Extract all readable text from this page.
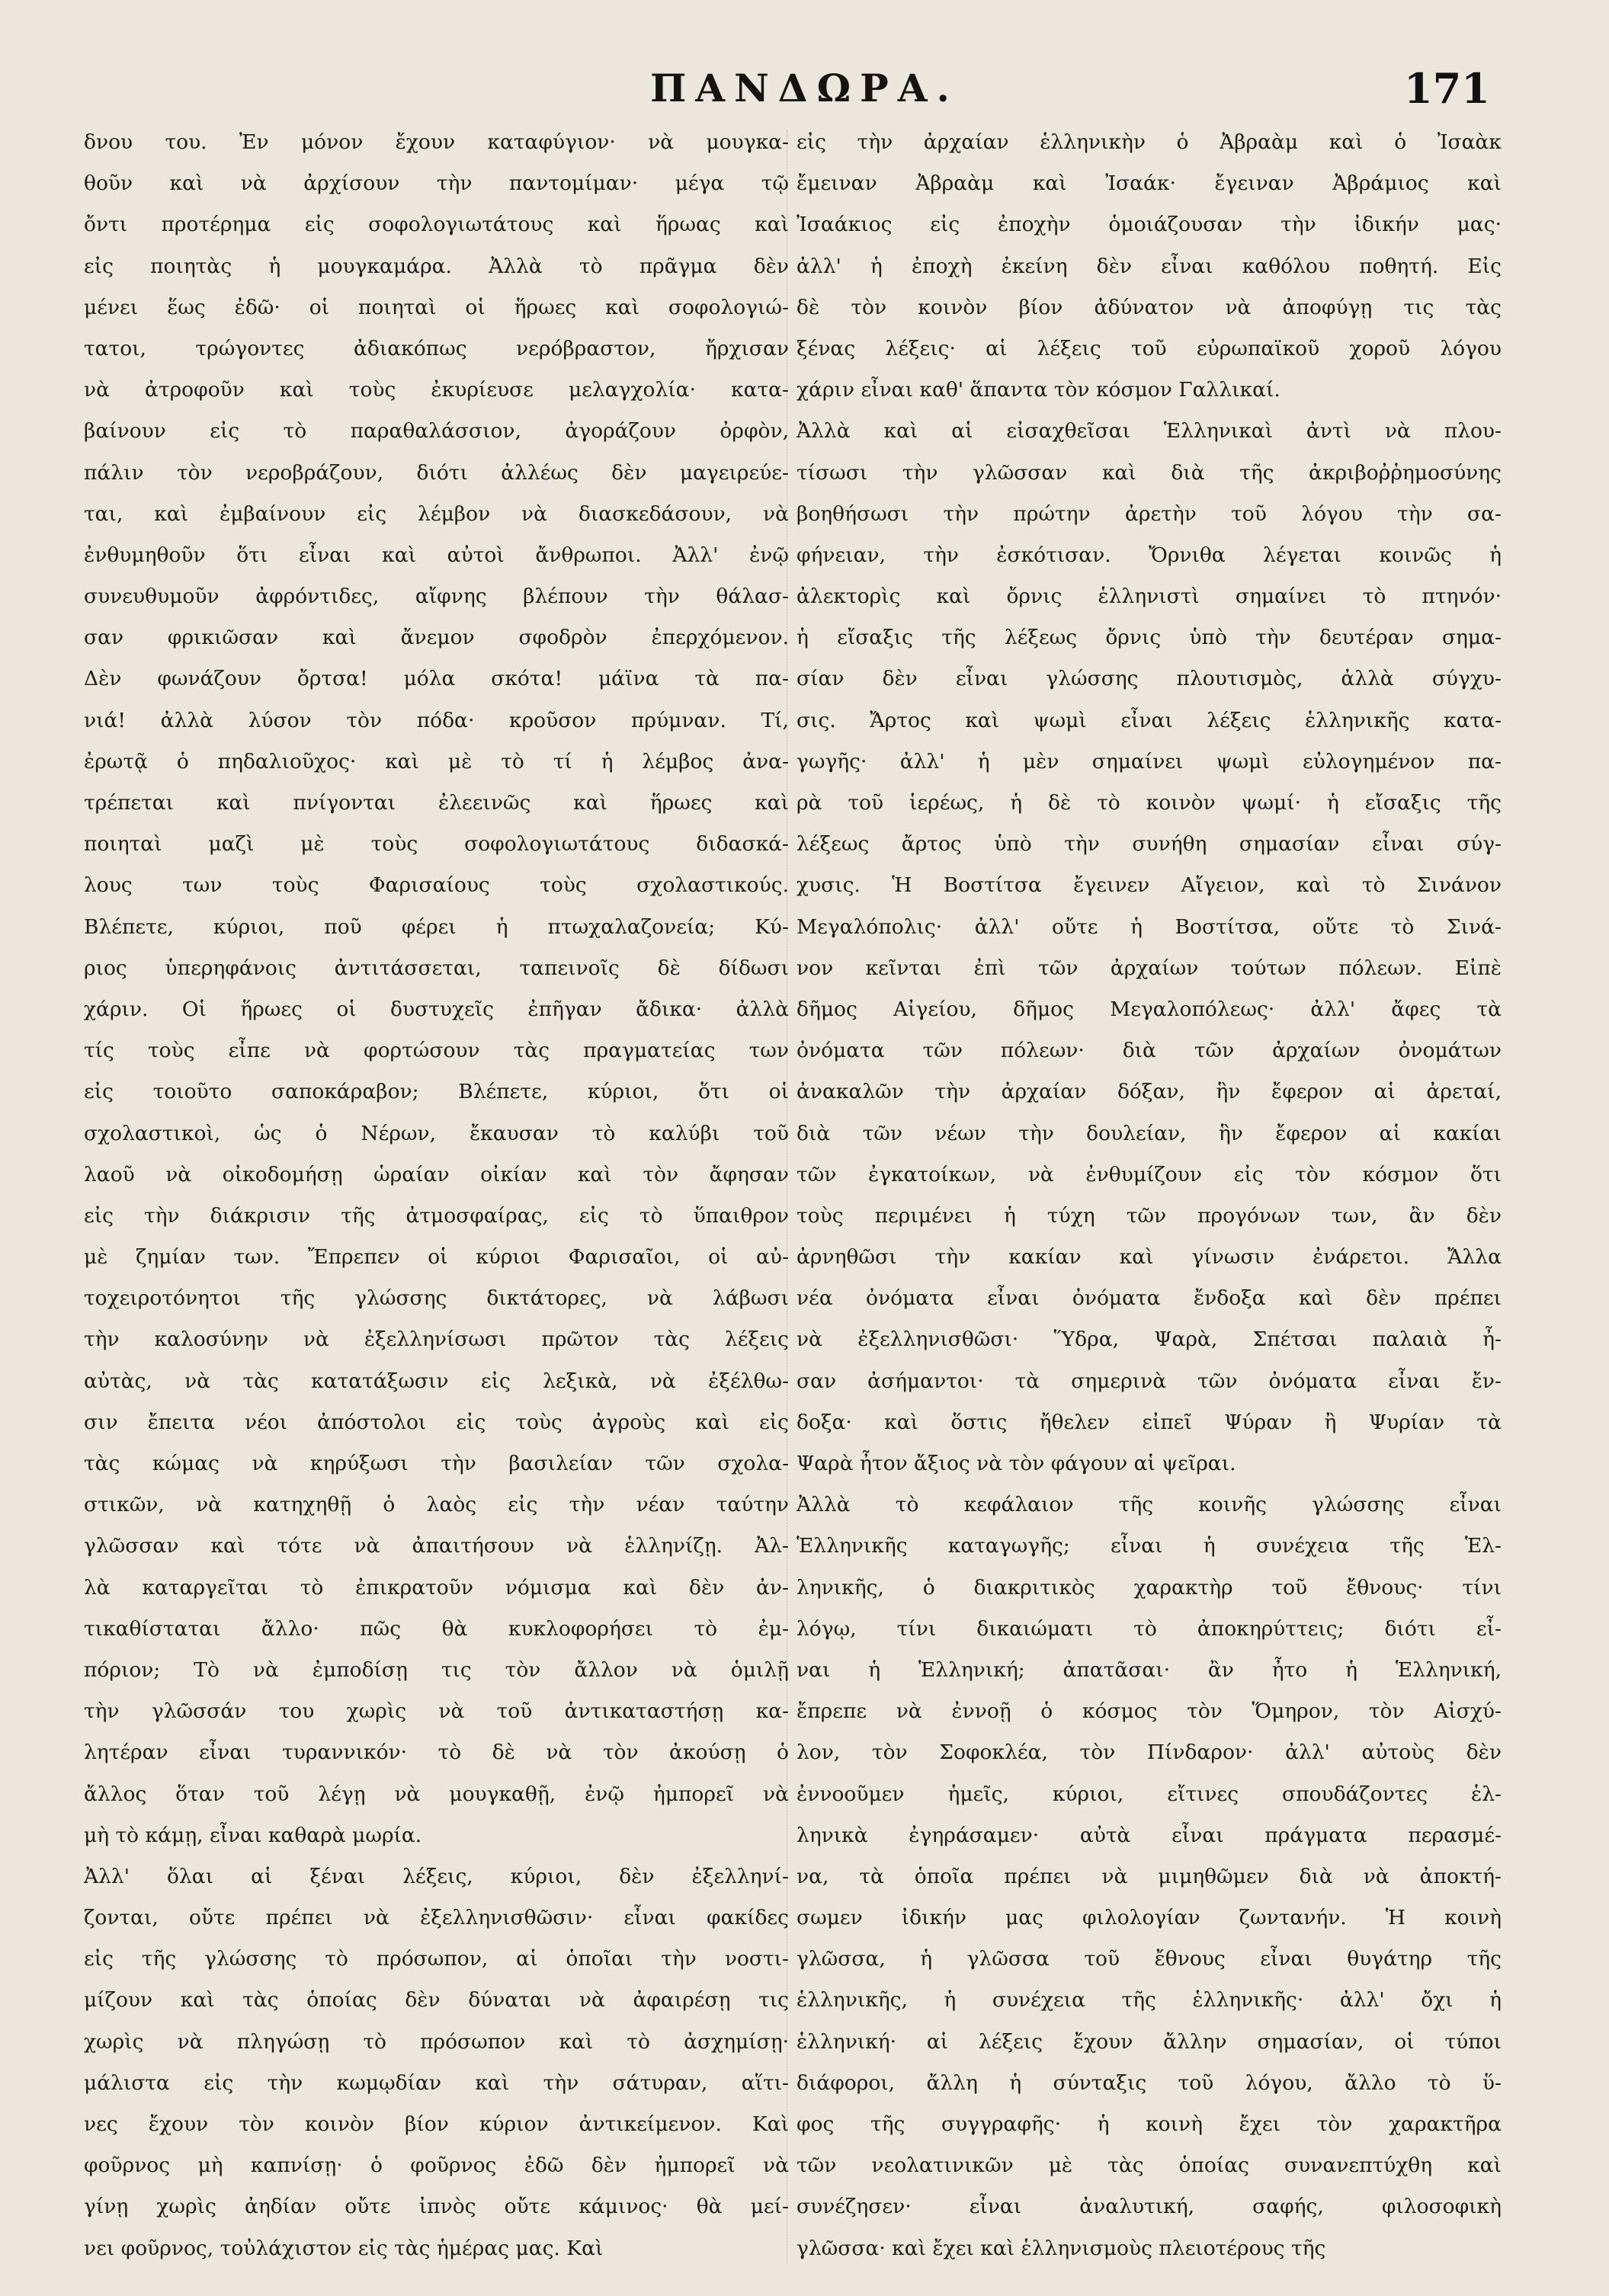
ΠΑΝΔΩΡΑ.	171
δνου του. Ἐν μόνον ἔχουν καταφύγιον· νὰ μουγκα-
θοῦν καὶ νὰ ἀρχίσουν τὴν παντομίμαν· μέγα τῷ
ὄντι προτέρημα εἰς σοφολογιωτάτους καὶ ἥρωας καὶ
εἰς ποιητὰς ἡ μουγκαμάρα. Ἀλλὰ τὸ πρᾶγμα δὲν
μένει ἕως ἐδῶ· οἱ ποιηταὶ οἱ ἥρωες καὶ σοφολογιώ-
τατοι, τρώγοντες ἀδιακόπως νερόβραστον, ἤρχισαν
νὰ ἀτροφοῦν καὶ τοὺς ἐκυρίευσε μελαγχολία· κατα-
βαίνουν εἰς τὸ παραθαλάσσιον, ἀγοράζουν ὀρφὸν,
πάλιν τὸν νεροβράζουν, διότι ἀλλέως δὲν μαγειρεύε-
ται, καὶ ἐμβαίνουν εἰς λέμβον νὰ διασκεδάσουν, νὰ
ἐνθυμηθοῦν ὅτι εἶναι καὶ αὐτοὶ ἄνθρωποι. Ἀλλ' ἐνῷ
συνευθυμοῦν ἀφρόντιδες, αἴφνης βλέπουν τὴν θάλασ-
σαν φρικιῶσαν καὶ ἄνεμον σφοδρὸν ἐπερχόμενον.
Δὲν φωνάζουν ὄρτσα! μόλα σκότα! μάϊνα τὰ πα-
νιά! ἀλλὰ λύσον τὸν πόδα· κροῦσον πρύμναν. Τί,
ἐρωτᾷ ὁ πηδαλιοῦχος· καὶ μὲ τὸ τί ἡ λέμβος ἀνα-
τρέπεται καὶ πνίγονται ἐλεεινῶς καὶ ἥρωες καὶ
ποιηταὶ μαζὶ μὲ τοὺς σοφολογιωτάτους διδασκά-
λους των τοὺς Φαρισαίους τοὺς σχολαστικούς.
Βλέπετε, κύριοι, ποῦ φέρει ἡ πτωχαλαζονεία; Κύ-
ριος ὑπερηφάνοις ἀντιτάσσεται, ταπεινοῖς δὲ δίδωσι
χάριν. Οἱ ἥρωες οἱ δυστυχεῖς ἐπῆγαν ἄδικα· ἀλλὰ
τίς τοὺς εἶπε νὰ φορτώσουν τὰς πραγματείας των
εἰς τοιοῦτο σαποκάραβον; Βλέπετε, κύριοι, ὅτι οἱ
σχολαστικοὶ, ὡς ὁ Νέρων, ἔκαυσαν τὸ καλύβι τοῦ
λαοῦ νὰ οἰκοδομήσῃ ὡραίαν οἰκίαν καὶ τὸν ἄφησαν
εἰς τὴν διάκρισιν τῆς ἀτμοσφαίρας, εἰς τὸ ὕπαιθρον
μὲ ζημίαν των. Ἔπρεπεν οἱ κύριοι Φαρισαῖοι, οἱ αὐ-
τοχειροτόνητοι τῆς γλώσσης δικτάτορες, νὰ λάβωσι
τὴν καλοσύνην νὰ ἐξελληνίσωσι πρῶτον τὰς λέξεις
αὐτὰς, νὰ τὰς κατατάξωσιν εἰς λεξικὰ, νὰ ἐξέλθω-
σιν ἔπειτα νέοι ἀπόστολοι εἰς τοὺς ἀγροὺς καὶ εἰς
τὰς κώμας νὰ κηρύξωσι τὴν βασιλείαν τῶν σχολα-
στικῶν, νὰ κατηχηθῇ ὁ λαὸς εἰς τὴν νέαν ταύτην
γλῶσσαν καὶ τότε νὰ ἀπαιτήσουν νὰ ἑλληνίζῃ. Ἀλ-
λὰ καταργεῖται τὸ ἐπικρατοῦν νόμισμα καὶ δὲν ἀν-
τικαθίσταται ἄλλο· πῶς θὰ κυκλοφορήσει τὸ ἐμ-
πόριον; Τὸ νὰ ἐμποδίσῃ τις τὸν ἄλλον νὰ ὁμιλῇ
τὴν γλῶσσάν του χωρὶς νὰ τοῦ ἀντικαταστήσῃ κα-
λητέραν εἶναι τυραννικόν· τὸ δὲ νὰ τὸν ἀκούσῃ ὁ
ἄλλος ὅταν τοῦ λέγῃ νὰ μουγκαθῇ, ἐνῷ ἠμπορεῖ νὰ
μὴ τὸ κάμῃ, εἶναι καθαρὰ μωρία.
Ἀλλ' ὅλαι αἱ ξέναι λέξεις, κύριοι, δὲν ἐξελληνί-
ζονται, οὔτε πρέπει νὰ ἐξελληνισθῶσιν· εἶναι φακίδες
εἰς τῆς γλώσσης τὸ πρόσωπον, αἱ ὁποῖαι τὴν νοστι-
μίζουν καὶ τὰς ὁποίας δὲν δύναται νὰ ἀφαιρέσῃ τις
χωρὶς νὰ πληγώσῃ τὸ πρόσωπον καὶ τὸ ἀσχημίσῃ·
μάλιστα εἰς τὴν κωμῳδίαν καὶ τὴν σάτυραν, αἵτι-
νες ἔχουν τὸν κοινὸν βίον κύριον ἀντικείμενον. Καὶ
φοῦρνος μὴ καπνίσῃ· ὁ φοῦρνος ἐδῶ δὲν ἠμπορεῖ νὰ
γίνῃ χωρὶς ἀηδίαν οὔτε ἰπνὸς οὔτε κάμινος· θὰ μεί-
νει φοῦρνος, τοὐλάχιστον εἰς τὰς ἡμέρας μας. Καὶ
εἰς τὴν ἀρχαίαν ἑλληνικὴν ὁ Ἀβραὰμ καὶ ὁ Ἰσαὰκ
ἔμειναν Ἀβραὰμ καὶ Ἰσαάκ· ἔγειναν Ἀβράμιος καὶ
Ἰσαάκιος εἰς ἐποχὴν ὁμοιάζουσαν τὴν ἰδικήν μας·
ἀλλ' ἡ ἐποχὴ ἐκείνη δὲν εἶναι καθόλου ποθητή. Εἰς
δὲ τὸν κοινὸν βίον ἀδύνατον νὰ ἀποφύγῃ τις τὰς
ξένας λέξεις· αἱ λέξεις τοῦ εὐρωπαϊκοῦ χοροῦ λόγου
χάριν εἶναι καθ' ἅπαντα τὸν κόσμον Γαλλικαί.
Ἀλλὰ καὶ αἱ εἰσαχθεῖσαι Ἑλληνικαὶ ἀντὶ νὰ πλου-
τίσωσι τὴν γλῶσσαν καὶ διὰ τῆς ἀκριβοῤῥημοσύνης
βοηθήσωσι τὴν πρώτην ἀρετὴν τοῦ λόγου τὴν σα-
φήνειαν, τὴν ἐσκότισαν. Ὄρνιθα λέγεται κοινῶς ἡ
ἀλεκτορὶς καὶ ὄρνις ἑλληνιστὶ σημαίνει τὸ πτηνόν·
ἡ εἴσαξις τῆς λέξεως ὄρνις ὑπὸ τὴν δευτέραν σημα-
σίαν δὲν εἶναι γλώσσης πλουτισμὸς, ἀλλὰ σύγχυ-
σις. Ἄρτος καὶ ψωμὶ εἶναι λέξεις ἑλληνικῆς κατα-
γωγῆς· ἀλλ' ἡ μὲν σημαίνει ψωμὶ εὐλογημένον πα-
ρὰ τοῦ ἱερέως, ἡ δὲ τὸ κοινὸν ψωμί· ἡ εἴσαξις τῆς
λέξεως ἄρτος ὑπὸ τὴν συνήθη σημασίαν εἶναι σύγ-
χυσις. Ἡ Βοστίτσα ἔγεινεν Αἴγειον, καὶ τὸ Σινάνον
Μεγαλόπολις· ἀλλ' οὔτε ἡ Βοστίτσα, οὔτε τὸ Σινά-
νον κεῖνται ἐπὶ τῶν ἀρχαίων τούτων πόλεων. Εἰπὲ
δῆμος Αἰγείου, δῆμος Μεγαλοπόλεως· ἀλλ' ἄφες τὰ
ὀνόματα τῶν πόλεων· διὰ τῶν ἀρχαίων ὀνομάτων
ἀνακαλῶν τὴν ἀρχαίαν δόξαν, ἣν ἔφερον αἱ ἀρεταί,
διὰ τῶν νέων τὴν δουλείαν, ἣν ἔφερον αἱ κακίαι
τῶν ἐγκατοίκων, νὰ ἐνθυμίζουν εἰς τὸν κόσμον ὅτι
τοὺς περιμένει ἡ τύχη τῶν προγόνων των, ἂν δὲν
ἀρνηθῶσι τὴν κακίαν καὶ γίνωσιν ἐνάρετοι. Ἄλλα
νέα ὀνόματα εἶναι ὀνόματα ἔνδοξα καὶ δὲν πρέπει
νὰ ἐξελληνισθῶσι· Ὕδρα, Ψαρὰ, Σπέτσαι παλαιὰ ἦ-
σαν ἀσήμαντοι· τὰ σημερινὰ τῶν ὀνόματα εἶναι ἔν-
δοξα· καὶ ὅστις ἤθελεν εἰπεῖ Ψύραν ἢ Ψυρίαν τὰ
Ψαρὰ ἦτον ἄξιος νὰ τὸν φάγουν αἱ ψεῖραι.
Ἀλλὰ τὸ κεφάλαιον τῆς κοινῆς γλώσσης εἶναι
Ἑλληνικῆς καταγωγῆς; εἶναι ἡ συνέχεια τῆς Ἑλ-
ληνικῆς, ὁ διακριτικὸς χαρακτὴρ τοῦ ἔθνους· τίνι
λόγῳ, τίνι δικαιώματι τὸ ἀποκηρύττεις; διότι εἶ-
ναι ἡ Ἑλληνική; ἀπατᾶσαι· ἂν ἦτο ἡ Ἑλληνική,
ἔπρεπε νὰ ἐννοῇ ὁ κόσμος τὸν Ὅμηρον, τὸν Αἰσχύ-
λον, τὸν Σοφοκλέα, τὸν Πίνδαρον· ἀλλ' αὐτοὺς δὲν
ἐννοοῦμεν ἡμεῖς, κύριοι, εἴτινες σπουδάζοντες ἑλ-
ληνικὰ ἐγηράσαμεν· αὐτὰ εἶναι πράγματα περασμέ-
να, τὰ ὁποῖα πρέπει νὰ μιμηθῶμεν διὰ νὰ ἀποκτή-
σωμεν ἰδικήν μας φιλολογίαν ζωντανήν. Ἡ κοινὴ
γλῶσσα, ἡ γλῶσσα τοῦ ἔθνους εἶναι θυγάτηρ τῆς
ἑλληνικῆς, ἡ συνέχεια τῆς ἑλληνικῆς· ἀλλ' ὄχι ἡ
ἑλληνική· αἱ λέξεις ἔχουν ἄλλην σημασίαν, οἱ τύποι
διάφοροι, ἄλλη ἡ σύνταξις τοῦ λόγου, ἄλλο τὸ ὕ-
φος τῆς συγγραφῆς· ἡ κοινὴ ἔχει τὸν χαρακτῆρα
τῶν νεολατινικῶν μὲ τὰς ὁποίας συνανεπτύχθη καὶ
συνέζησεν· εἶναι ἀναλυτική, σαφής, φιλοσοφικὴ
γλῶσσα· καὶ ἔχει καὶ ἑλληνισμοὺς πλειοτέρους τῆς
